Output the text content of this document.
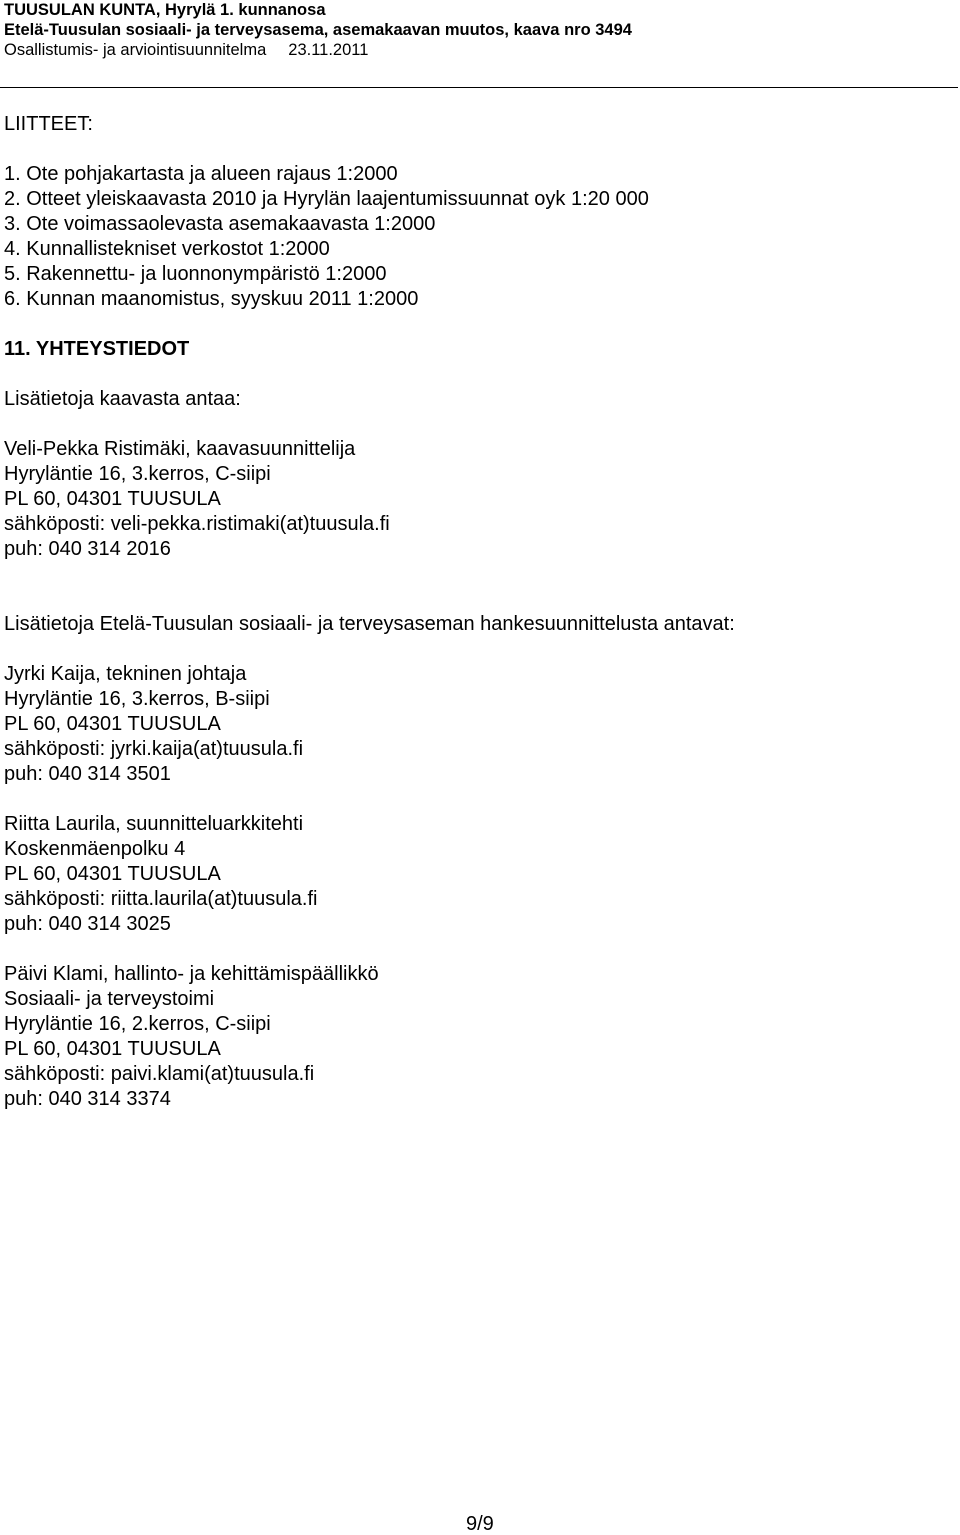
TUUSULAN KUNTA, Hyrylä 1. kunnanosa
Etelä-Tuusulan sosiaali- ja terveysasema, asemakaavan muutos, kaava nro 3494
Osallistumis- ja arviointisuunnitelma 23.11.2011
LIITTEET:
1. Ote pohjakartasta ja alueen rajaus 1:2000
2. Otteet yleiskaavasta 2010 ja Hyrylän laajentumissuunnat oyk 1:20 000
3. Ote voimassaolevasta asemakaavasta 1:2000
4. Kunnallistekniset verkostot 1:2000
5. Rakennettu- ja luonnonympäristö 1:2000
6. Kunnan maanomistus, syyskuu 2011 1:2000
11. YHTEYSTIEDOT
Lisätietoja kaavasta antaa:
Veli-Pekka Ristimäki, kaavasuunnittelija
Hyryläntie 16, 3.kerros, C-siipi
PL 60, 04301 TUUSULA
sähköposti: veli-pekka.ristimaki(at)tuusula.fi
puh: 040 314 2016
Lisätietoja Etelä-Tuusulan sosiaali- ja terveysaseman hankesuunnittelusta antavat:
Jyrki Kaija, tekninen johtaja
Hyryläntie 16, 3.kerros, B-siipi
PL 60, 04301 TUUSULA
sähköposti: jyrki.kaija(at)tuusula.fi
puh: 040 314 3501
Riitta Laurila, suunnitteluarkkitehti
Koskenmäenpolku 4
PL 60, 04301 TUUSULA
sähköposti: riitta.laurila(at)tuusula.fi
puh: 040 314 3025
Päivi Klami, hallinto- ja kehittämispäällikkö
Sosiaali- ja terveystoimi
Hyryläntie 16, 2.kerros, C-siipi
PL 60, 04301 TUUSULA
sähköposti: paivi.klami(at)tuusula.fi
puh: 040 314 3374
9/9
